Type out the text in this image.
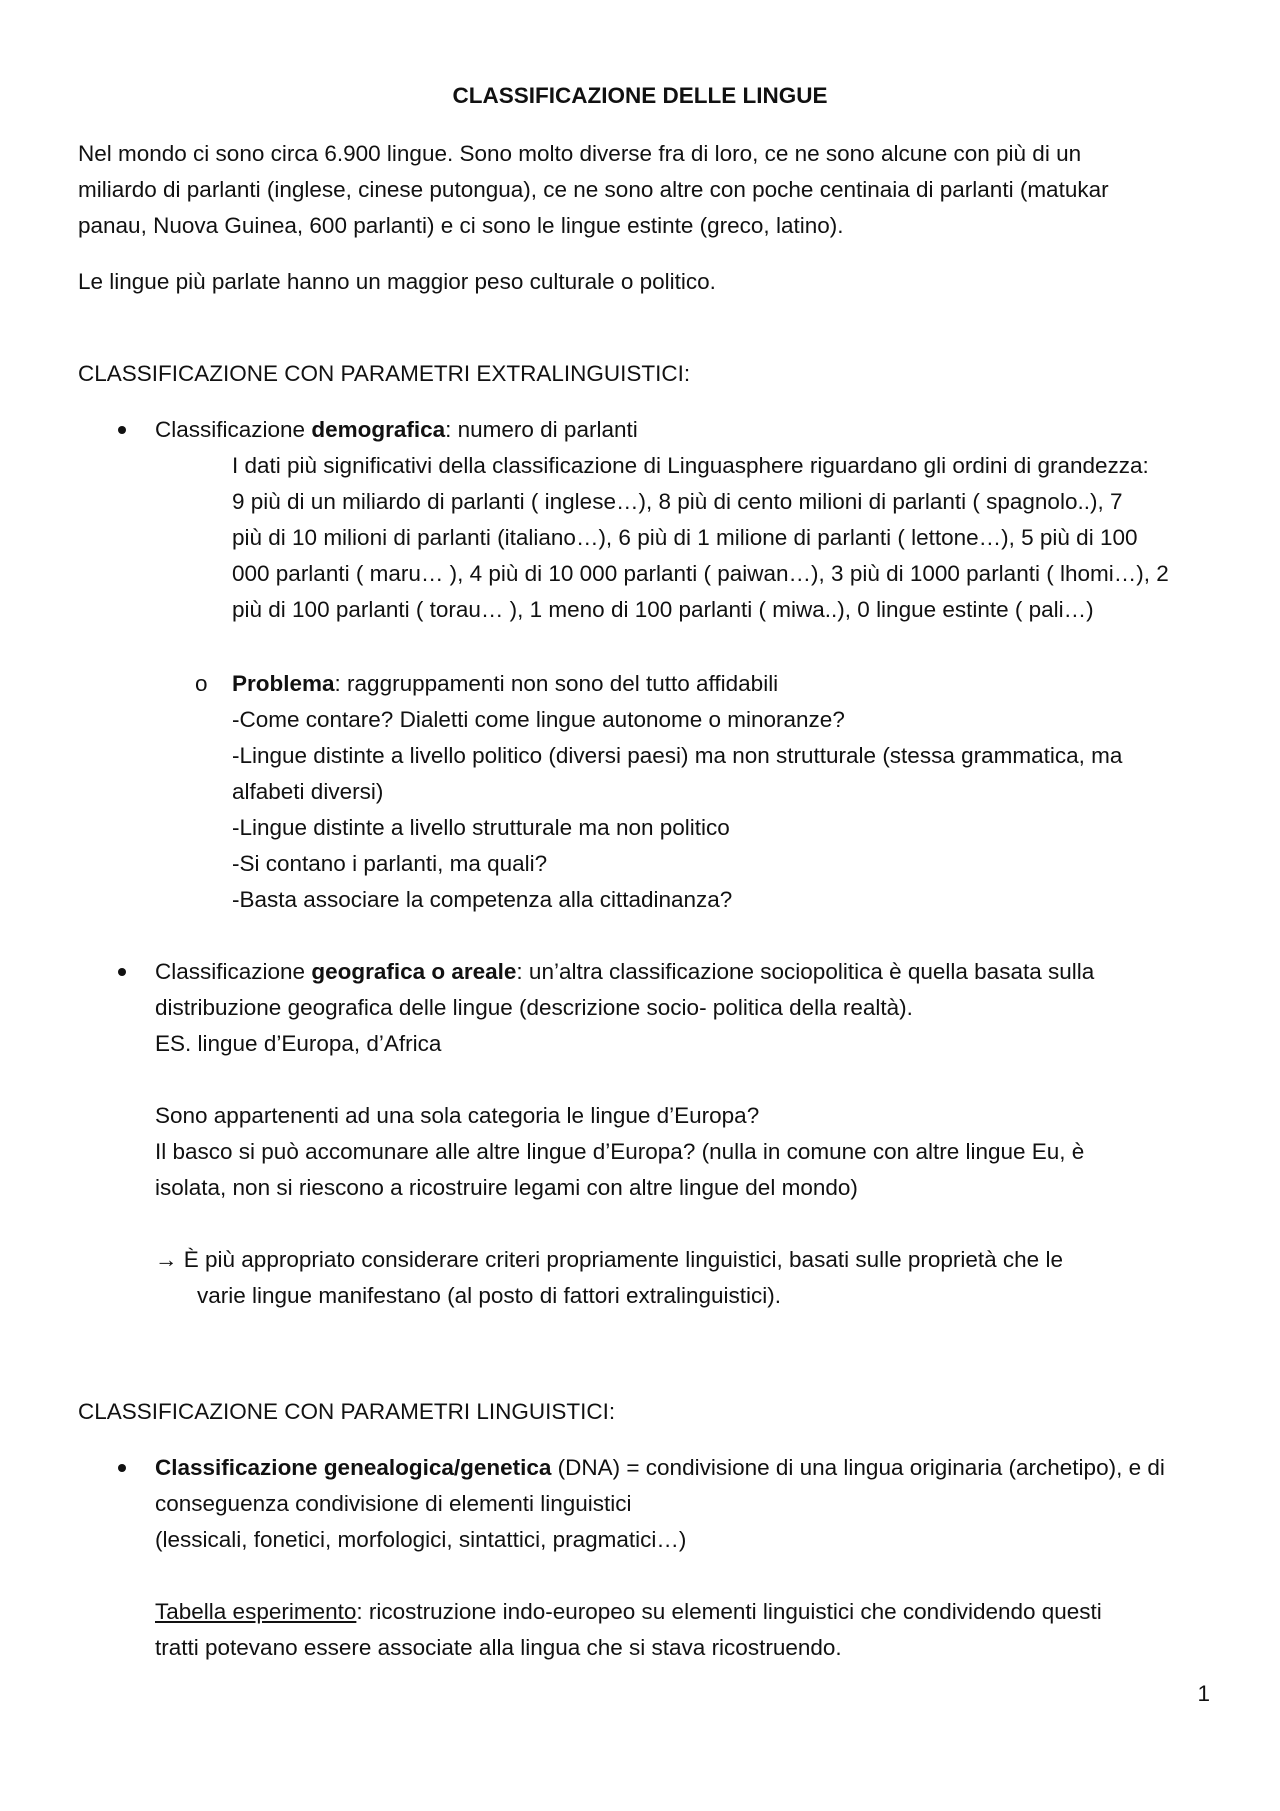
CLASSIFICAZIONE DELLE LINGUE
Nel mondo ci sono circa 6.900 lingue. Sono molto diverse fra di loro, ce ne sono alcune con più di un
miliardo di parlanti (inglese, cinese putongua), ce ne sono altre con poche centinaia di parlanti (matukar
panau, Nuova Guinea, 600 parlanti) e ci sono le lingue estinte (greco, latino).
Le lingue più parlate hanno un maggior peso culturale o politico.
CLASSIFICAZIONE CON PARAMETRI EXTRALINGUISTICI:
Classificazione demografica: numero di parlanti
I dati più significativi della classificazione di Linguasphere riguardano gli ordini di grandezza:
9 più di un miliardo di parlanti ( inglese…), 8 più di cento milioni di parlanti ( spagnolo..), 7
più di 10 milioni di parlanti (italiano…), 6 più di 1 milione di parlanti ( lettone…), 5 più di 100
000 parlanti ( maru… ), 4 più di 10 000 parlanti ( paiwan…), 3 più di 1000 parlanti ( lhomi…), 2
più di 100 parlanti ( torau… ), 1 meno di 100 parlanti ( miwa..), 0 lingue estinte ( pali…)
o Problema: raggruppamenti non sono del tutto affidabili
-Come contare? Dialetti come lingue autonome o minoranze?
-Lingue distinte a livello politico (diversi paesi) ma non strutturale (stessa grammatica, ma
alfabeti diversi)
-Lingue distinte a livello strutturale ma non politico
-Si contano i parlanti, ma quali?
-Basta associare la competenza alla cittadinanza?
Classificazione geografica o areale: un’altra classificazione sociopolitica è quella basata sulla
distribuzione geografica delle lingue (descrizione socio- politica della realtà).
ES. lingue d’Europa, d’Africa
Sono appartenenti ad una sola categoria le lingue d’Europa?
Il basco si può accomunare alle altre lingue d’Europa? (nulla in comune con altre lingue Eu, è
isolata, non si riescono a ricostruire legami con altre lingue del mondo)
→ È più appropriato considerare criteri propriamente linguistici, basati sulle proprietà che le
varie lingue manifestano (al posto di fattori extralinguistici).
CLASSIFICAZIONE CON PARAMETRI LINGUISTICI:
Classificazione genealogica/genetica (DNA) = condivisione di una lingua originaria (archetipo), e di
conseguenza condivisione di elementi linguistici
(lessicali, fonetici, morfologici, sintattici, pragmatici…)
Tabella esperimento: ricostruzione indo-europeo su elementi linguistici che condividendo questi
tratti potevano essere associate alla lingua che si stava ricostruendo.
1
